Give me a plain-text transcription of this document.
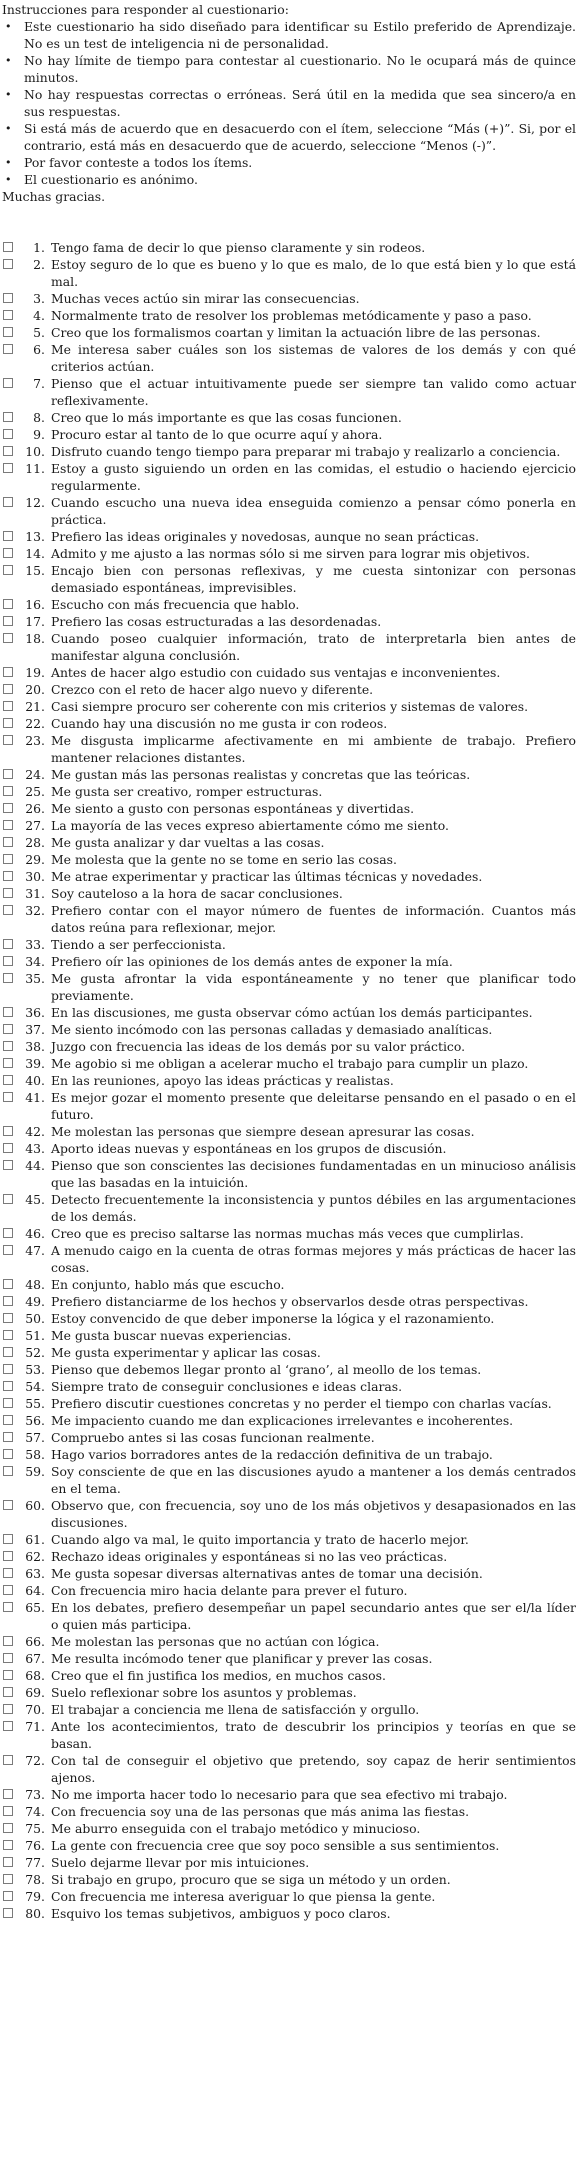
Instrucciones para responder al cuestionario:
• Este cuestionario ha sido diseñado para identificar su Estilo preferido de Aprendizaje. No es un test de inteligencia ni de personalidad.
• No hay límite de tiempo para contestar al cuestionario. No le ocupará más de quince minutos.
• No hay respuestas correctas o erróneas. Será útil en la medida que sea sincero/a en sus respuestas.
• Si está más de acuerdo que en desacuerdo con el ítem, seleccione “Más (+)”. Si, por el contrario, está más en desacuerdo que de acuerdo, seleccione “Menos (-)”.
• Por favor conteste a todos los ítems.
• El cuestionario es anónimo.
Muchas gracias.
1. Tengo fama de decir lo que pienso claramente y sin rodeos.
2. Estoy seguro de lo que es bueno y lo que es malo, de lo que está bien y lo que está mal.
3. Muchas veces actúo sin mirar las consecuencias.
4. Normalmente trato de resolver los problemas metódicamente y paso a paso.
5. Creo que los formalismos coartan y limitan la actuación libre de las personas.
6. Me interesa saber cuáles son los sistemas de valores de los demás y con qué criterios actúan.
7. Pienso que el actuar intuitivamente puede ser siempre tan valido como actuar reflexivamente.
8. Creo que lo más importante es que las cosas funcionen.
9. Procuro estar al tanto de lo que ocurre aquí y ahora.
10. Disfruto cuando tengo tiempo para preparar mi trabajo y realizarlo a conciencia.
11. Estoy a gusto siguiendo un orden en las comidas, el estudio o haciendo ejercicio regularmente.
12. Cuando escucho una nueva idea enseguida comienzo a pensar cómo ponerla en práctica.
13. Prefiero las ideas originales y novedosas, aunque no sean prácticas.
14. Admito y me ajusto a las normas sólo si me sirven para lograr mis objetivos.
15. Encajo bien con personas reflexivas, y me cuesta sintonizar con personas demasiado espontáneas, imprevisibles.
16. Escucho con más frecuencia que hablo.
17. Prefiero las cosas estructuradas a las desordenadas.
18. Cuando poseo cualquier información, trato de interpretarla bien antes de manifestar alguna conclusión.
19. Antes de hacer algo estudio con cuidado sus ventajas e inconvenientes.
20. Crezco con el reto de hacer algo nuevo y diferente.
21. Casi siempre procuro ser coherente con mis criterios y sistemas de valores.
22. Cuando hay una discusión no me gusta ir con rodeos.
23. Me disgusta implicarme afectivamente en mi ambiente de trabajo. Prefiero mantener relaciones distantes.
24. Me gustan más las personas realistas y concretas que las teóricas.
25. Me gusta ser creativo, romper estructuras.
26. Me siento a gusto con personas espontáneas y divertidas.
27. La mayoría de las veces expreso abiertamente cómo me siento.
28. Me gusta analizar y dar vueltas a las cosas.
29. Me molesta que la gente no se tome en serio las cosas.
30. Me atrae experimentar y practicar las últimas técnicas y novedades.
31. Soy cauteloso a la hora de sacar conclusiones.
32. Prefiero contar con el mayor número de fuentes de información. Cuantos más datos reúna para reflexionar, mejor.
33. Tiendo a ser perfeccionista.
34. Prefiero oír las opiniones de los demás antes de exponer la mía.
35. Me gusta afrontar la vida espontáneamente y no tener que planificar todo previamente.
36. En las discusiones, me gusta observar cómo actúan los demás participantes.
37. Me siento incómodo con las personas calladas y demasiado analíticas.
38. Juzgo con frecuencia las ideas de los demás por su valor práctico.
39. Me agobio si me obligan a acelerar mucho el trabajo para cumplir un plazo.
40. En las reuniones, apoyo las ideas prácticas y realistas.
41. Es mejor gozar el momento presente que deleitarse pensando en el pasado o en el futuro.
42. Me molestan las personas que siempre desean apresurar las cosas.
43. Aporto ideas nuevas y espontáneas en los grupos de discusión.
44. Pienso que son conscientes las decisiones fundamentadas en un minucioso análisis que las basadas en la intuición.
45. Detecto frecuentemente la inconsistencia y puntos débiles en las argumentaciones de los demás.
46. Creo que es preciso saltarse las normas muchas más veces que cumplirlas.
47. A menudo caigo en la cuenta de otras formas mejores y más prácticas de hacer las cosas.
48. En conjunto, hablo más que escucho.
49. Prefiero distanciarme de los hechos y observarlos desde otras perspectivas.
50. Estoy convencido de que deber imponerse la lógica y el razonamiento.
51. Me gusta buscar nuevas experiencias.
52. Me gusta experimentar y aplicar las cosas.
53. Pienso que debemos llegar pronto al ‘grano’, al meollo de los temas.
54. Siempre trato de conseguir conclusiones e ideas claras.
55. Prefiero discutir cuestiones concretas y no perder el tiempo con charlas vacías.
56. Me impaciento cuando me dan explicaciones irrelevantes e incoherentes.
57. Compruebo antes si las cosas funcionan realmente.
58. Hago varios borradores antes de la redacción definitiva de un trabajo.
59. Soy consciente de que en las discusiones ayudo a mantener a los demás centrados en el tema.
60. Observo que, con frecuencia, soy uno de los más objetivos y desapasionados en las discusiones.
61. Cuando algo va mal, le quito importancia y trato de hacerlo mejor.
62. Rechazo ideas originales y espontáneas si no las veo prácticas.
63. Me gusta sopesar diversas alternativas antes de tomar una decisión.
64. Con frecuencia miro hacia delante para prever el futuro.
65. En los debates, prefiero desempeñar un papel secundario antes que ser el/la líder o quien más participa.
66. Me molestan las personas que no actúan con lógica.
67. Me resulta incómodo tener que planificar y prever las cosas.
68. Creo que el fin justifica los medios, en muchos casos.
69. Suelo reflexionar sobre los asuntos y problemas.
70. El trabajar a conciencia me llena de satisfacción y orgullo.
71. Ante los acontecimientos, trato de descubrir los principios y teorías en que se basan.
72. Con tal de conseguir el objetivo que pretendo, soy capaz de herir sentimientos ajenos.
73. No me importa hacer todo lo necesario para que sea efectivo mi trabajo.
74. Con frecuencia soy una de las personas que más anima las fiestas.
75. Me aburro enseguida con el trabajo metódico y minucioso.
76. La gente con frecuencia cree que soy poco sensible a sus sentimientos.
77. Suelo dejarme llevar por mis intuiciones.
78. Si trabajo en grupo, procuro que se siga un método y un orden.
79. Con frecuencia me interesa averiguar lo que piensa la gente.
80. Esquivo los temas subjetivos, ambiguos y poco claros.
